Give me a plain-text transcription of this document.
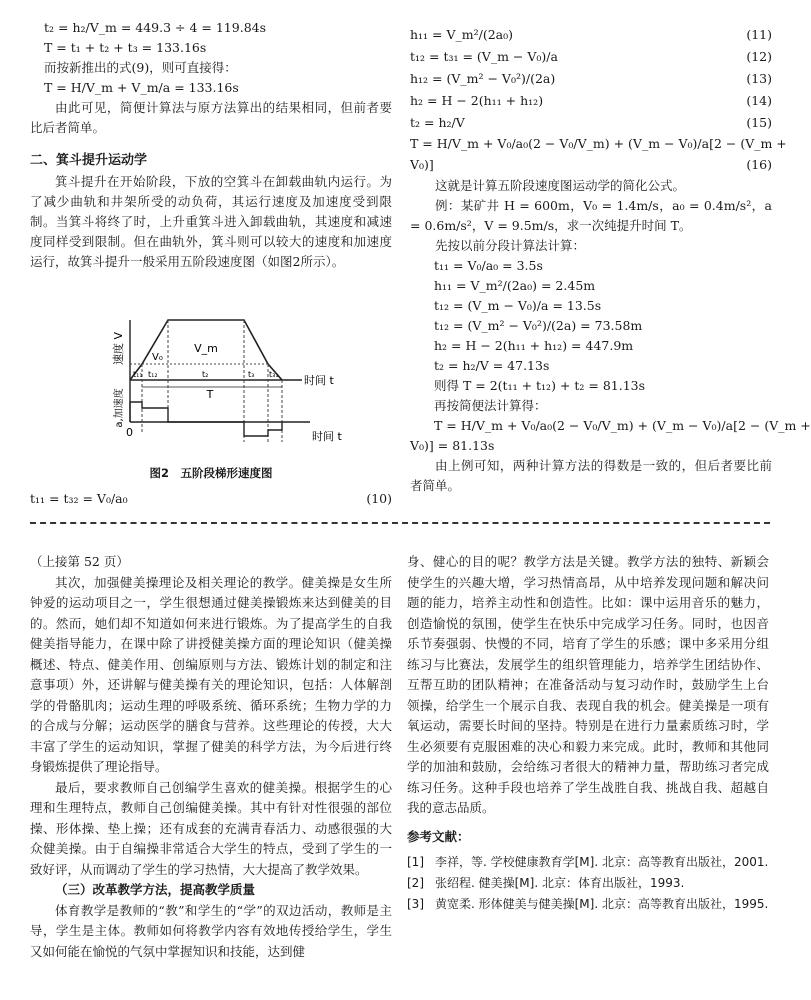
t₂ = h₂/V_m = 449.3 ÷ 4 = 119.84s
T = t₁ + t₂ + t₃ = 133.16s
而按新推出的式(9)，则可直接得：
T = H/V_m + V_m/a = 133.16s

由此可见，简便计算法与原方法算出的结果相同，但前者要比后者简单。

二、箕斗提升运动学

箕斗提升在开始阶段，下放的空箕斗在卸载曲轨内运行。为了减少曲轨和井架所受的动负荷，其运行速度及加速度受到限制。当箕斗将终了时，上升重箕斗进入卸载曲轨，其速度和减速度同样受到限制。但在曲轨外，箕斗则可以较大的速度和加速度运行，故箕斗提升一般采用五阶段速度图（如图2所示）。

速度 V
a,加速度
时间 t
时间 t
0
V_m
V₀
T
t₁₁ t₁₂	t₂	t₃ t₃₁
图2　五阶段梯形速度图
t₁₁ = t₃₂ = V₀/a₀	(10)
h₁₁ = V_m²/(2a₀)	(11)
t₁₂ = t₃₁ = (V_m − V₀)/a	(12)
h₁₂ = (V_m² − V₀²)/(2a)	(13)
h₂ = H − 2(h₁₁ + h₁₂)	(14)
t₂ = h₂/V	(15)
T = H/V_m + V₀/a₀(2 − V₀/V_m) + (V_m − V₀)/a[2 − (V_m +
V₀)]	(16)

这就是计算五阶段速度图运动学的简化公式。

例：某矿井 H = 600m，V₀ = 1.4m/s，a₀ = 0.4m/s²，a = 0.6m/s²，V = 9.5m/s，求一次纯提升时间 T。

先按以前分段计算法计算：

t₁₁ = V₀/a₀ = 3.5s
h₁₁ = V_m²/(2a₀) = 2.45m
t₁₂ = (V_m − V₀)/a = 13.5s
t₁₂ = (V_m² − V₀²)/(2a) = 73.58m
h₂ = H − 2(h₁₁ + h₁₂) = 447.9m
t₂ = h₂/V = 47.13s
则得 T = 2(t₁₁ + t₁₂) + t₂ = 81.13s
再按简便法计算得：
T = H/V_m + V₀/a₀(2 − V₀/V_m) + (V_m − V₀)/a[2 − (V_m +
V₀)] = 81.13s

由上例可知，两种计算方法的得数是一致的，但后者要比前者简单。

（上接第 52 页）

其次，加强健美操理论及相关理论的教学。健美操是女生所钟爱的运动项目之一，学生很想通过健美操锻炼来达到健美的目的。然而，她们却不知道如何来进行锻炼。为了提高学生的自我健美指导能力，在课中除了讲授健美操方面的理论知识（健美操概述、特点、健美作用、创编原则与方法、锻炼计划的制定和注意事项）外，还讲解与健美操有关的理论知识，包括：人体解剖学的骨骼肌肉；运动生理的呼吸系统、循环系统；生物力学的力的合成与分解；运动医学的膳食与营养。这些理论的传授，大大丰富了学生的运动知识，掌握了健美的科学方法，为今后进行终身锻炼提供了理论指导。

最后，要求教师自己创编学生喜欢的健美操。根据学生的心理和生理特点，教师自己创编健美操。其中有针对性很强的部位操、形体操、垫上操；还有成套的充满青春活力、动感很强的大众健美操。由于自编操非常适合大学生的特点，受到了学生的一致好评，从而调动了学生的学习热情，大大提高了教学效果。

（三）改革教学方法，提高教学质量

体育教学是教师的“教”和学生的“学”的双边活动，教师是主导，学生是主体。教师如何将教学内容有效地传授给学生，学生又如何能在愉悦的气氛中掌握知识和技能，达到健

身、健心的目的呢？教学方法是关键。教学方法的独特、新颖会使学生的兴趣大增，学习热情高昂，从中培养发现问题和解决问题的能力，培养主动性和创造性。比如：课中运用音乐的魅力，创造愉悦的氛围，使学生在快乐中完成学习任务。同时，也因音乐节奏强弱、快慢的不同，培育了学生的乐感；课中多采用分组练习与比赛法，发展学生的组织管理能力，培养学生团结协作、互帮互助的团队精神；在准备活动与复习动作时，鼓励学生上台领操，给学生一个展示自我、表现自我的机会。健美操是一项有氧运动，需要长时间的坚持。特别是在进行力量素质练习时，学生必须要有克服困难的决心和毅力来完成。此时，教师和其他同学的加油和鼓励，会给练习者很大的精神力量，帮助练习者完成练习任务。这种手段也培养了学生战胜自我、挑战自我、超越自我的意志品质。

参考文献：

[1] 李祥，等. 学校健康教育学[M]. 北京：高等教育出版社，2001.
[2] 张绍程. 健美操[M]. 北京：体育出版社，1993.
[3] 黄宽柔. 形体健美与健美操[M]. 北京：高等教育出版社，1995.
